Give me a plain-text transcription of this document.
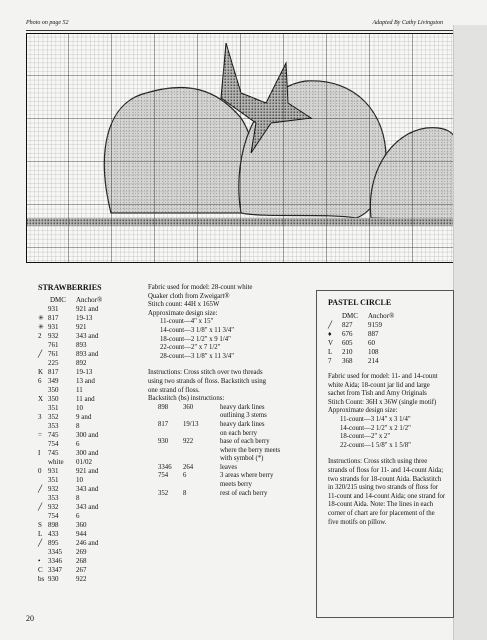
Photo on page 52	Adapted By Cathy Livingston
STRAWBERRIES
DMC Anchor®
931	921 and
✳ 817	19-13
✳ 931	921
2 932	343 and
761	893
╱ 761	893 and
225	892
K 817	19-13
6 349	13 and
350	11
X 350	11 and
351	10
3 352	9 and
353	8
= 745	300 and
754	6
I 745	300 and
white 01/02
0 931	921 and
351	10
╱ 932	343 and
353	8
╱ 932	343 and
754	6
S 898	360
L 433	944
╱ 895	246 and
3345 269
• 3346 268
C 3347 267
bs 930	922
Fabric used for model: 28-count white
Quaker cloth from Zweigart®
Stitch count: 44H x 165W
Approximate design size:
11-count—4" x 15"
14-count—3 1/8" x 11 3/4"
18-count—2 1/2" x 9 1/4"
22-count—2" x 7 1/2"
28-count—3 1/8" x 11 3/4"
Instructions: Cross stitch over two threads
using two strands of floss. Backstitch using
one strand of floss.
Backstitch (bs) instructions:
898 360	heavy dark lines
outlining 3 stems
817 19/13	heavy dark lines
on each berry
930 922	base of each berry
where the berry meets
with symbol (*)
3346 264	leaves
754 6	3 areas where berry
meets berry
352 8	rest of each berry
PASTEL CIRCLE
DMC Anchor®
╱ 827 9159
♦ 676 887
V 605 60
L 210 108
7 368 214
Fabric used for model: 11- and 14-count
white Aida; 18-count jar lid and large
sachet from Tish and Amy Originals
Stitch Count: 36H x 36W (single motif)
Approximate design size:
11-count—3 1/4" x 3 1/4"
14-count—2 1/2" x 2 1/2"
18-count—2" x 2"
22-count—1 5/8" x 1 5/8"
Instructions: Cross stitch using three
strands of floss for 11- and 14-count Aida;
two strands for 18-count Aida. Backstitch
in 320/215 using two strands of floss for
11-count and 14-count Aida; one strand for
18-count Aida. Note: The lines in each
corner of chart are for placement of the
five motifs on pillow.
20
